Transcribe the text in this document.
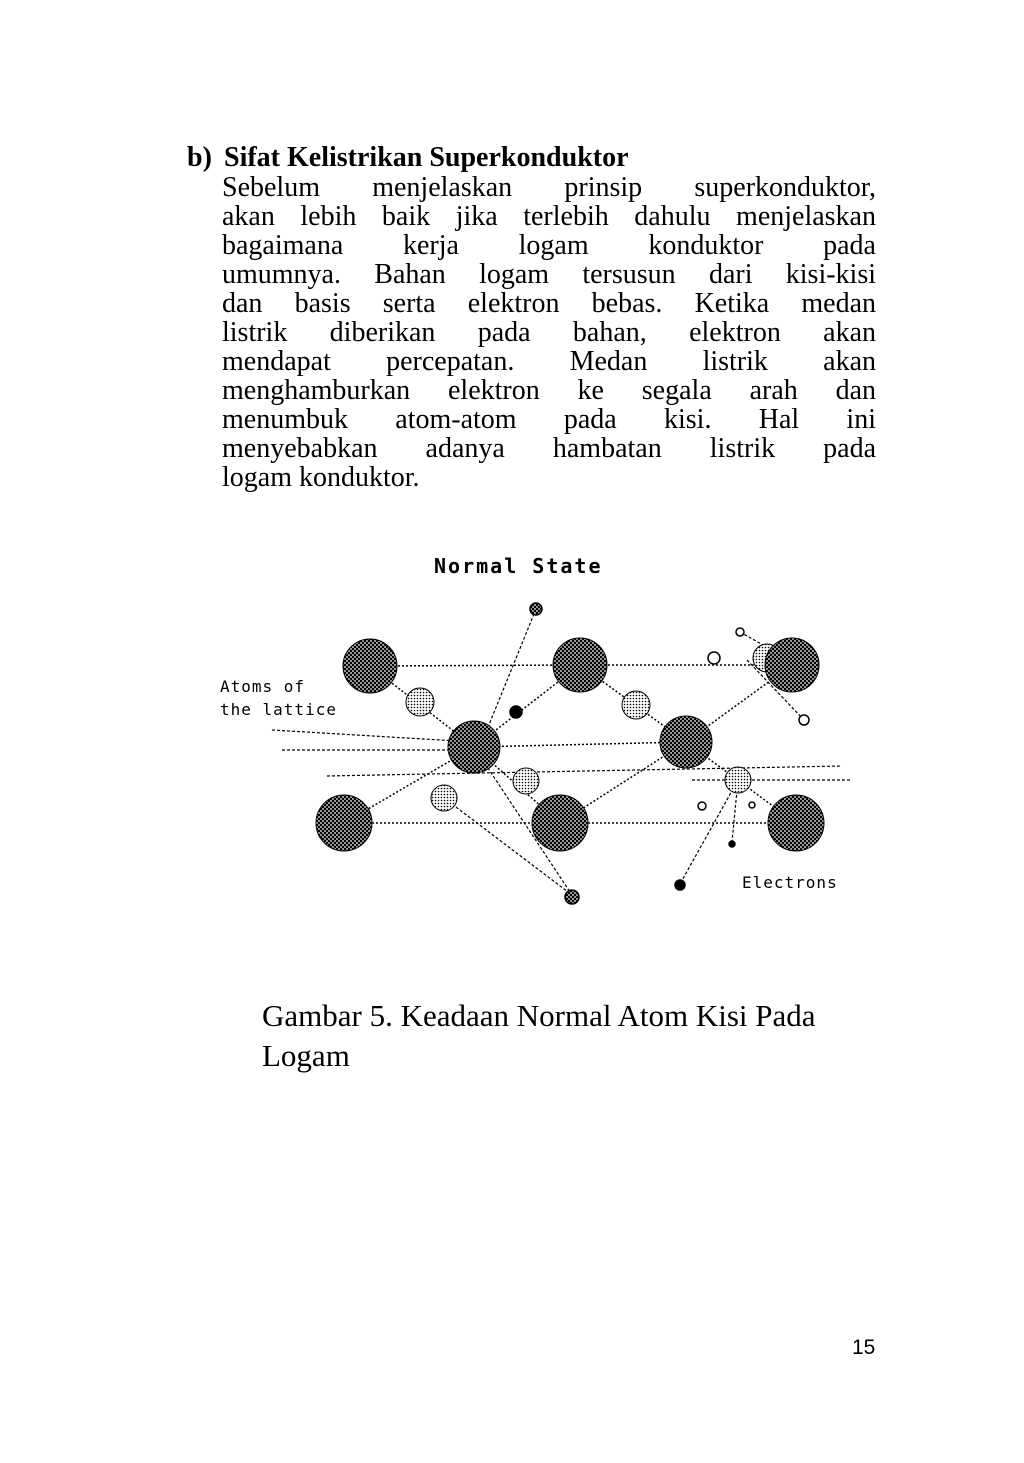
b) Sifat Kelistrikan Superkonduktor
Sebelum menjelaskan prinsip superkonduktor,
akan lebih baik jika terlebih dahulu menjelaskan
bagaimana kerja logam konduktor pada
umumnya. Bahan logam tersusun dari kisi-kisi
dan basis serta elektron bebas. Ketika medan
listrik diberikan pada bahan, elektron akan
mendapat percepatan. Medan listrik akan
menghamburkan elektron ke segala arah dan
menumbuk atom-atom pada kisi. Hal ini
menyebabkan adanya hambatan listrik pada
logam konduktor.
Normal State
Atoms of
the lattice
Electrons
Gambar 5. Keadaan Normal Atom Kisi Pada Logam
15
